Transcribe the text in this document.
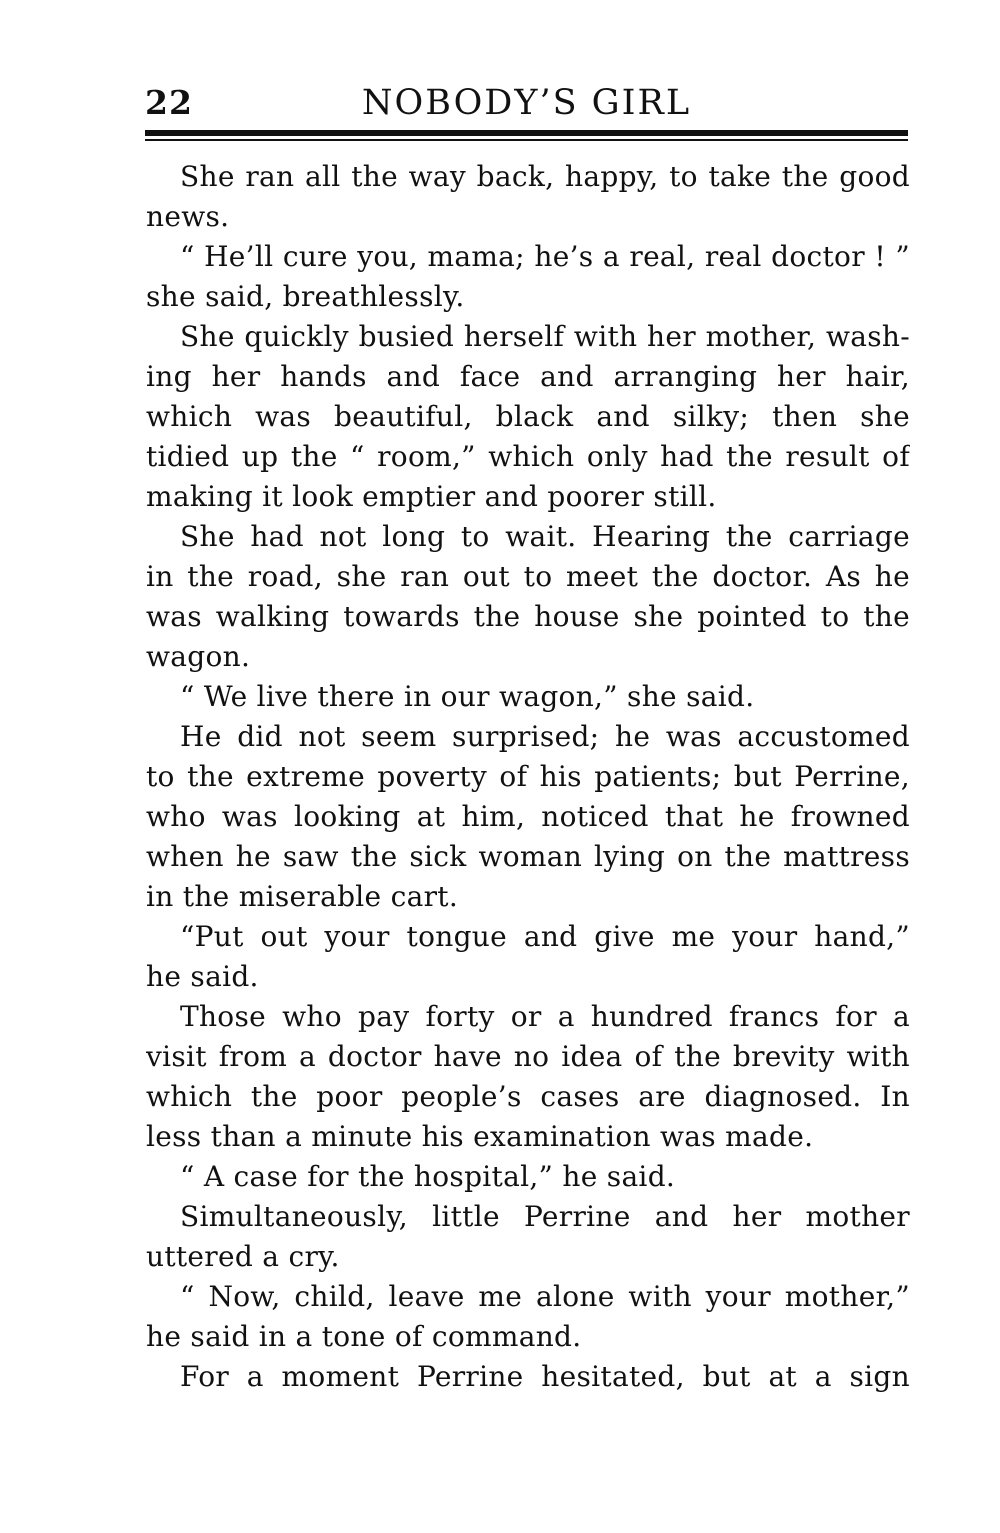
22	NOBODY’S GIRL
She ran all the way back, happy, to take the good
news.
“ He’ll cure you, mama; he’s a real, real doctor ! ”
she said, breathlessly.
She quickly busied herself with her mother, wash-
ing her hands and face and arranging her hair,
which was beautiful, black and silky; then she
tidied up the “ room,” which only had the result of
making it look emptier and poorer still.
She had not long to wait. Hearing the carriage
in the road, she ran out to meet the doctor. As he
was walking towards the house she pointed to the
wagon.
“ We live there in our wagon,” she said.
He did not seem surprised; he was accustomed
to the extreme poverty of his patients; but Perrine,
who was looking at him, noticed that he frowned
when he saw the sick woman lying on the mattress
in the miserable cart.
“Put out your tongue and give me your hand,”
he said.
Those who pay forty or a hundred francs for a
visit from a doctor have no idea of the brevity with
which the poor people’s cases are diagnosed. In
less than a minute his examination was made.
“ A case for the hospital,” he said.
Simultaneously, little Perrine and her mother
uttered a cry.
“ Now, child, leave me alone with your mother,”
he said in a tone of command.
For a moment Perrine hesitated, but at a sign
